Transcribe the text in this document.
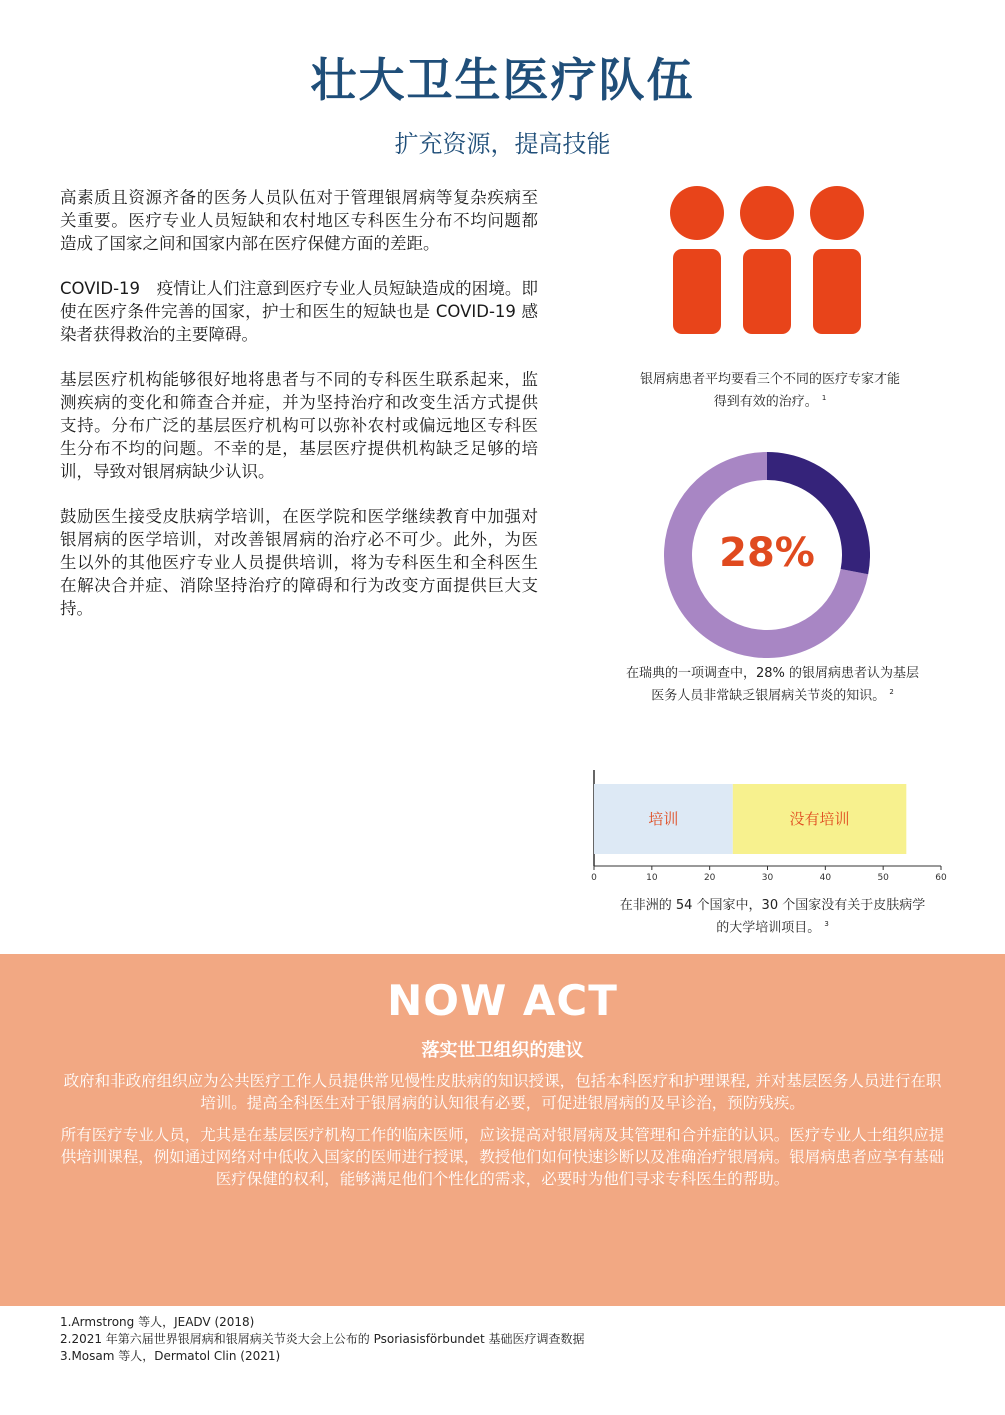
壮大卫生医疗队伍
扩充资源，提高技能

高素质且资源齐备的医务人员队伍对于管理银屑病等复杂疾病至关重要。医疗专业人员短缺和农村地区专科医生分布不均问题都造成了国家之间和国家内部在医疗保健方面的差距。

COVID-19　疫情让人们注意到医疗专业人员短缺造成的困境。即使在医疗条件完善的国家，护士和医生的短缺也是 COVID-19 感染者获得救治的主要障碍。

基层医疗机构能够很好地将患者与不同的专科医生联系起来，监测疾病的变化和筛查合并症，并为坚持治疗和改变生活方式提供支持。分布广泛的基层医疗机构可以弥补农村或偏远地区专科医生分布不均的问题。不幸的是，基层医疗提供机构缺乏足够的培训，导致对银屑病缺少认识。

鼓励医生接受皮肤病学培训，在医学院和医学继续教育中加强对银屑病的医学培训，对改善银屑病的治疗必不可少。此外，为医生以外的其他医疗专业人员提供培训，将为专科医生和全科医生在解决合并症、消除坚持治疗的障碍和行为改变方面提供巨大支持。

银屑病患者平均要看三个不同的医疗专家才能
得到有效的治疗。 $^1$
28%
在瑞典的一项调查中，28% 的银屑病患者认为基层
医务人员非常缺乏银屑病关节炎的知识。 $^2$
培训	没有培训
0	10	20	30	40	50	60
在非洲的 54 个国家中，30 个国家没有关于皮肤病学
的大学培训项目。 $^3$
NOW ACT
落实世卫组织的建议

政府和非政府组织应为公共医疗工作人员提供常见慢性皮肤病的知识授课，包括本科医疗和护理课程, 并对基层医务人员进行在职培训。提高全科医生对于银屑病的认知很有必要，可促进银屑病的及早诊治，预防残疾。

所有医疗专业人员，尤其是在基层医疗机构工作的临床医师，应该提高对银屑病及其管理和合并症的认识。医疗专业人士组织应提供培训课程，例如通过网络对中低收入国家的医师进行授课，教授他们如何快速诊断以及准确治疗银屑病。银屑病患者应享有基础医疗保健的权利，能够满足他们个性化的需求，必要时为他们寻求专科医生的帮助。

1.Armstrong 等人，JEADV (2018)
2.2021 年第六届世界银屑病和银屑病关节炎大会上公布的 Psoriasisförbundet 基础医疗调查数据
3.Mosam 等人，Dermatol Clin (2021)
